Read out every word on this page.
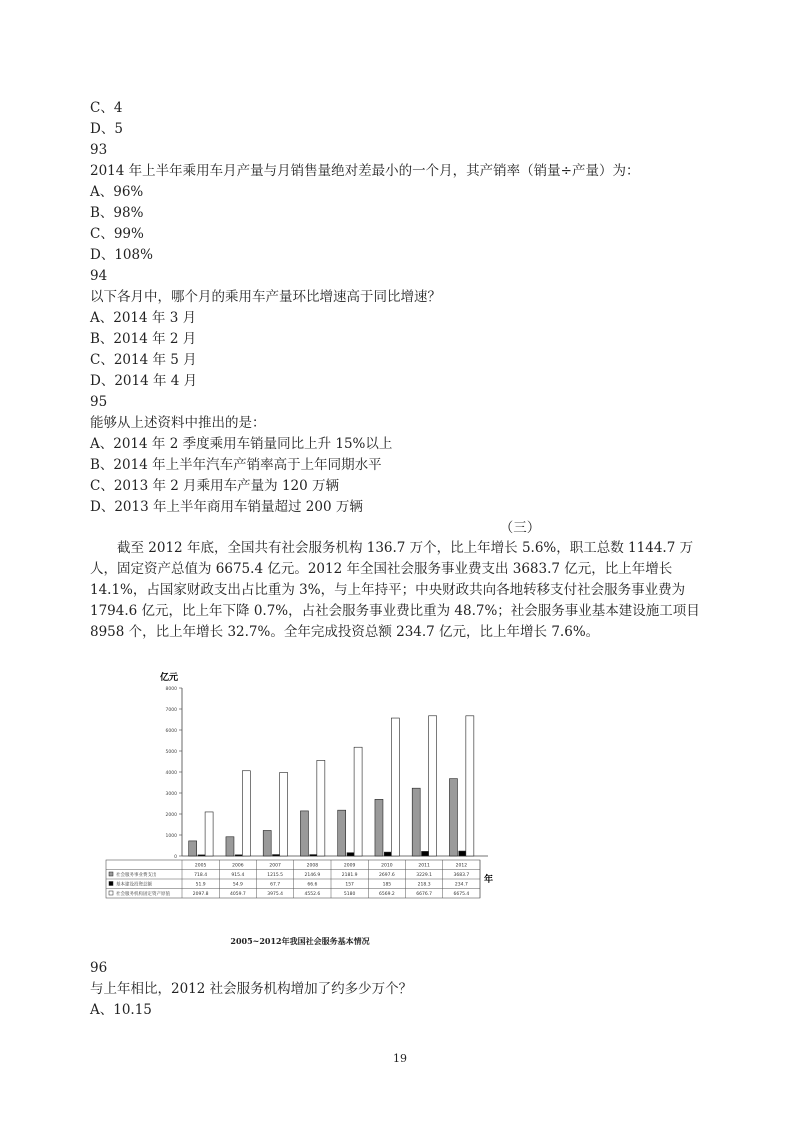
C、4
D、5
93
2014 年上半年乘用车月产量与月销售量绝对差最小的一个月，其产销率（销量÷产量）为：
A、96%
B、98%
C、99%
D、108%
94
以下各月中，哪个月的乘用车产量环比增速高于同比增速？
A、2014 年 3 月
B、2014 年 2 月
C、2014 年 5 月
D、2014 年 4 月
95
能够从上述资料中推出的是：
A、2014 年 2 季度乘用车销量同比上升 15%以上
B、2014 年上半年汽车产销率高于上年同期水平
C、2013 年 2 月乘用车产量为 120 万辆
D、2013 年上半年商用车销量超过 200 万辆
（三）
截至 2012 年底，全国共有社会服务机构 136.7 万个，比上年增长 5.6%，职工总数 1144.7 万人，固定资产总值为 6675.4 亿元。2012 年全国社会服务事业费支出 3683.7 亿元，比上年增长 14.1%，占国家财政支出占比重为 3%，与上年持平；中央财政共向各地转移支付社会服务事业费为 1794.6 亿元，比上年下降 0.7%，占社会服务事业费比重为 48.7%；社会服务事业基本建设施工项目 8958 个，比上年增长 32.7%。全年完成投资总额 234.7 亿元，比上年增长 7.6%。
亿元
0
1000
2000
3000
4000
5000
6000
7000
8000
年
2005	2006	2007	2008	2009	2010	2011	2012
社会服务事业费支出	718.4	915.4	1215.5	2146.9	2181.9	2697.6	3229.1	3683.7
基本建设投资总额	51.9	54.9	67.7	66.6	157	185	218.3	234.7
社会服务机构固定资产原值	2097.8	4059.7	3975.4	4552.6	5180	6569.2	6676.7	6675.4
2005~2012年我国社会服务基本情况
96
与上年相比，2012 社会服务机构增加了约多少万个？
A、10.15
19
